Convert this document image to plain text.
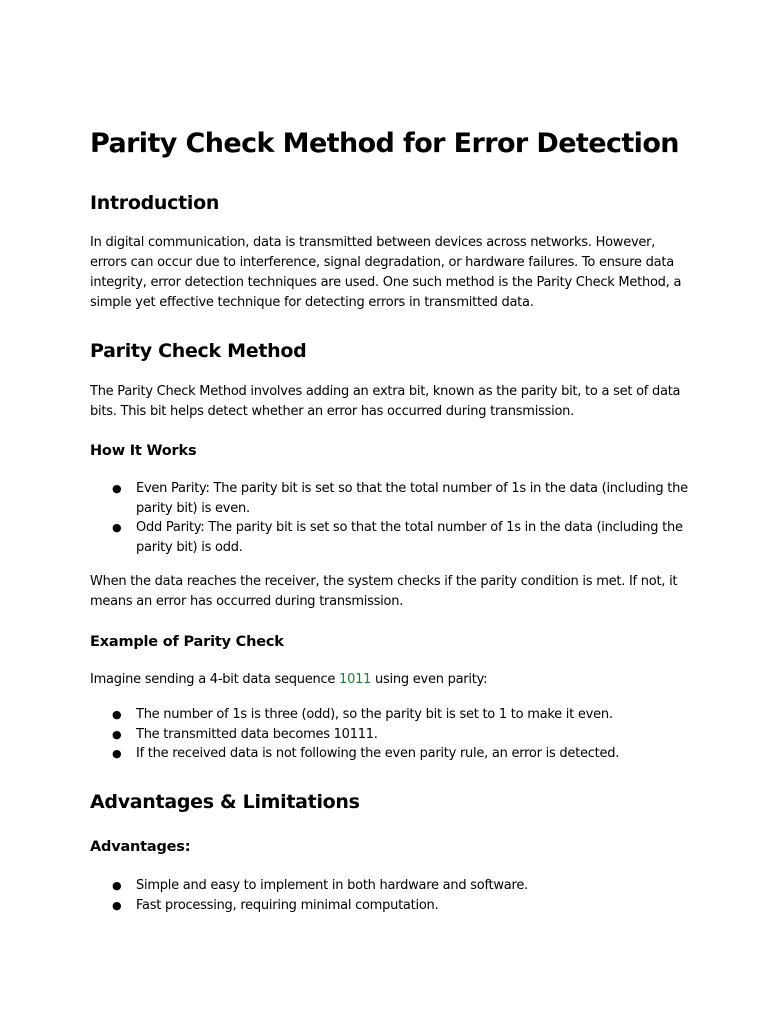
Parity Check Method for Error Detection
Introduction

In digital communication, data is transmitted between devices across networks. However, errors can occur due to interference, signal degradation, or hardware failures. To ensure data integrity, error detection techniques are used. One such method is the Parity Check Method, a simple yet effective technique for detecting errors in transmitted data.

Parity Check Method

The Parity Check Method involves adding an extra bit, known as the parity bit, to a set of data bits. This bit helps detect whether an error has occurred during transmission.

How It Works
● Even Parity: The parity bit is set so that the total number of 1s in the data (including the parity bit) is even.
● Odd Parity: The parity bit is set so that the total number of 1s in the data (including the parity bit) is odd.

When the data reaches the receiver, the system checks if the parity condition is met. If not, it means an error has occurred during transmission.

Example of Parity Check

Imagine sending a 4-bit data sequence 1011 using even parity:

● The number of 1s is three (odd), so the parity bit is set to 1 to make it even.
● The transmitted data becomes 10111.
● If the received data is not following the even parity rule, an error is detected.
Advantages & Limitations
Advantages:
● Simple and easy to implement in both hardware and software.
● Fast processing, requiring minimal computation.
